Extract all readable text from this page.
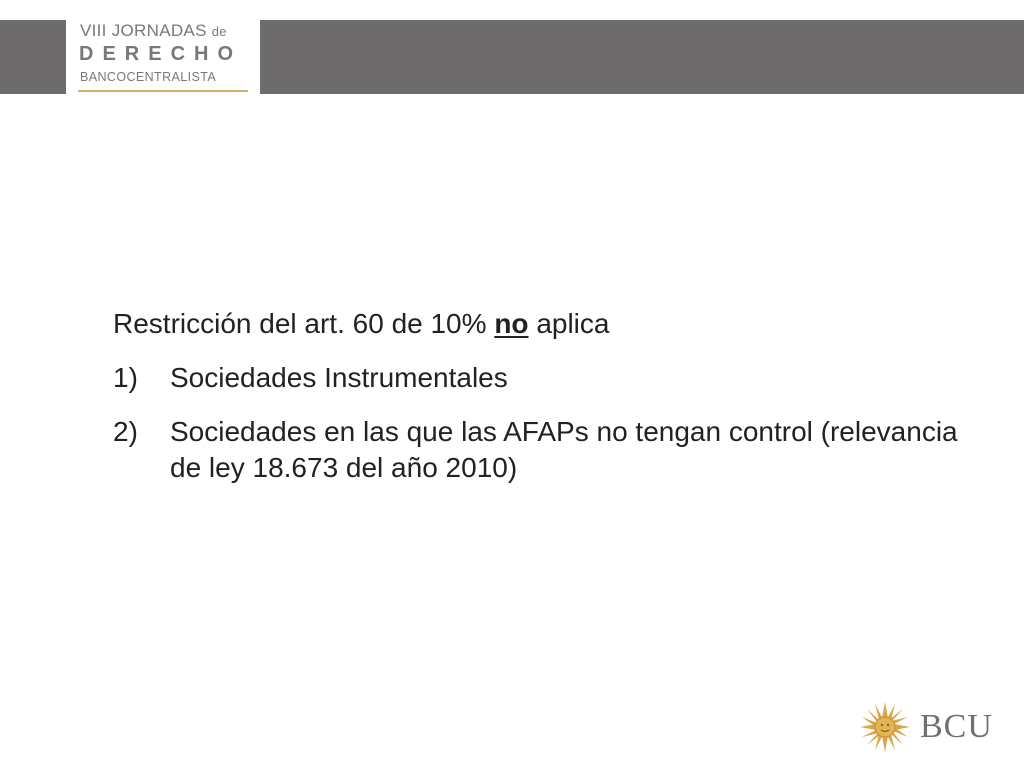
VIII JORNADAS de
DERECHO
BANCOCENTRALISTA

Restricción del art. 60 de 10% no aplica

1)	Sociedades Instrumentales
2)	Sociedades en las que las AFAPs no tengan control (relevancia de ley 18.673 del año 2010)
BCU
